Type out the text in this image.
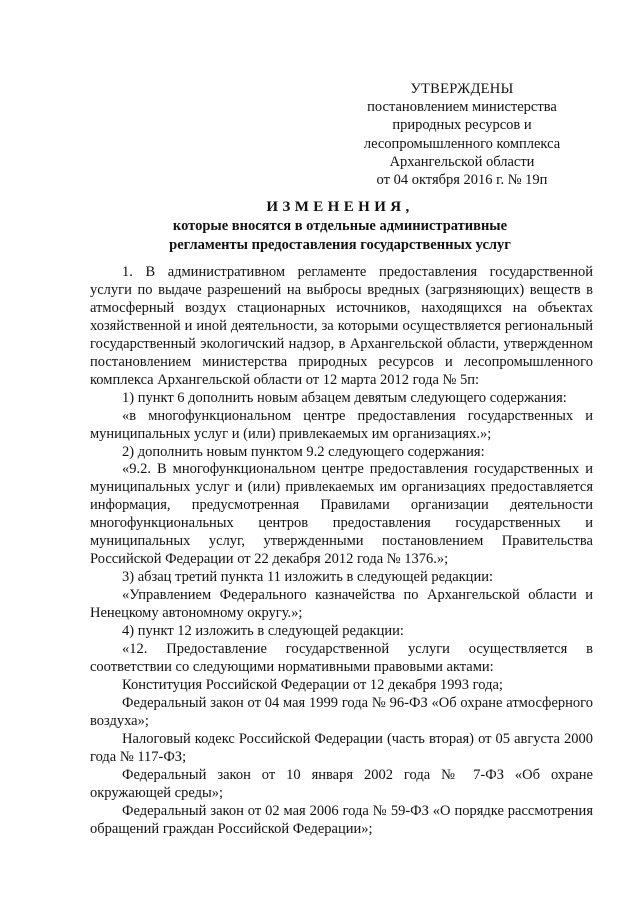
УТВЕРЖДЕНЫ
постановлением министерства
природных ресурсов и
лесопромышленного комплекса
Архангельской области
от 04 октября 2016 г. № 19п
ИЗМЕНЕНИЯ,
которые вносятся в отдельные административные
регламенты предоставления государственных услуг

1. В административном регламенте предоставления государственной услуги по выдаче разрешений на выбросы вредных (загрязняющих) веществ в атмосферный воздух стационарных источников, находящихся на объектах хозяйственной и иной деятельности, за которыми осуществляется региональный государственный экологичский надзор, в Архангельской области, утвержденном постановлением министерства природных ресурсов и лесопромышленного комплекса Архангельской области от 12 марта 2012 года № 5п:

1) пункт 6 дополнить новым абзацем девятым следующего содержания:

«в многофункциональном центре предоставления государственных и муниципальных услуг и (или) привлекаемых им организациях.»;

2) дополнить новым пунктом 9.2 следующего содержания:

«9.2. В многофункциональном центре предоставления государственных и муниципальных услуг и (или) привлекаемых им организациях предоставляется информация, предусмотренная Правилами организации деятельности многофункциональных центров предоставления государственных и муниципальных услуг, утвержденными постановлением Правительства Российской Федерации от 22 декабря 2012 года № 1376.»;

3) абзац третий пункта 11 изложить в следующей редакции:

«Управлением Федерального казначейства по Архангельской области и Ненецкому автономному округу.»;

4) пункт 12 изложить в следующей редакции:

«12. Предоставление государственной услуги осуществляется в соответствии со следующими нормативными правовыми актами:

Конституция Российской Федерации от 12 декабря 1993 года;

Федеральный закон от 04 мая 1999 года № 96-ФЗ «Об охране атмосферного воздуха»;

Налоговый кодекс Российской Федерации (часть вторая) от 05 августа 2000 года № 117-ФЗ;

Федеральный закон от 10 января 2002 года № 7-ФЗ «Об охране окружающей среды»;

Федеральный закон от 02 мая 2006 года № 59-ФЗ «О порядке рассмотрения обращений граждан Российской Федерации»;
